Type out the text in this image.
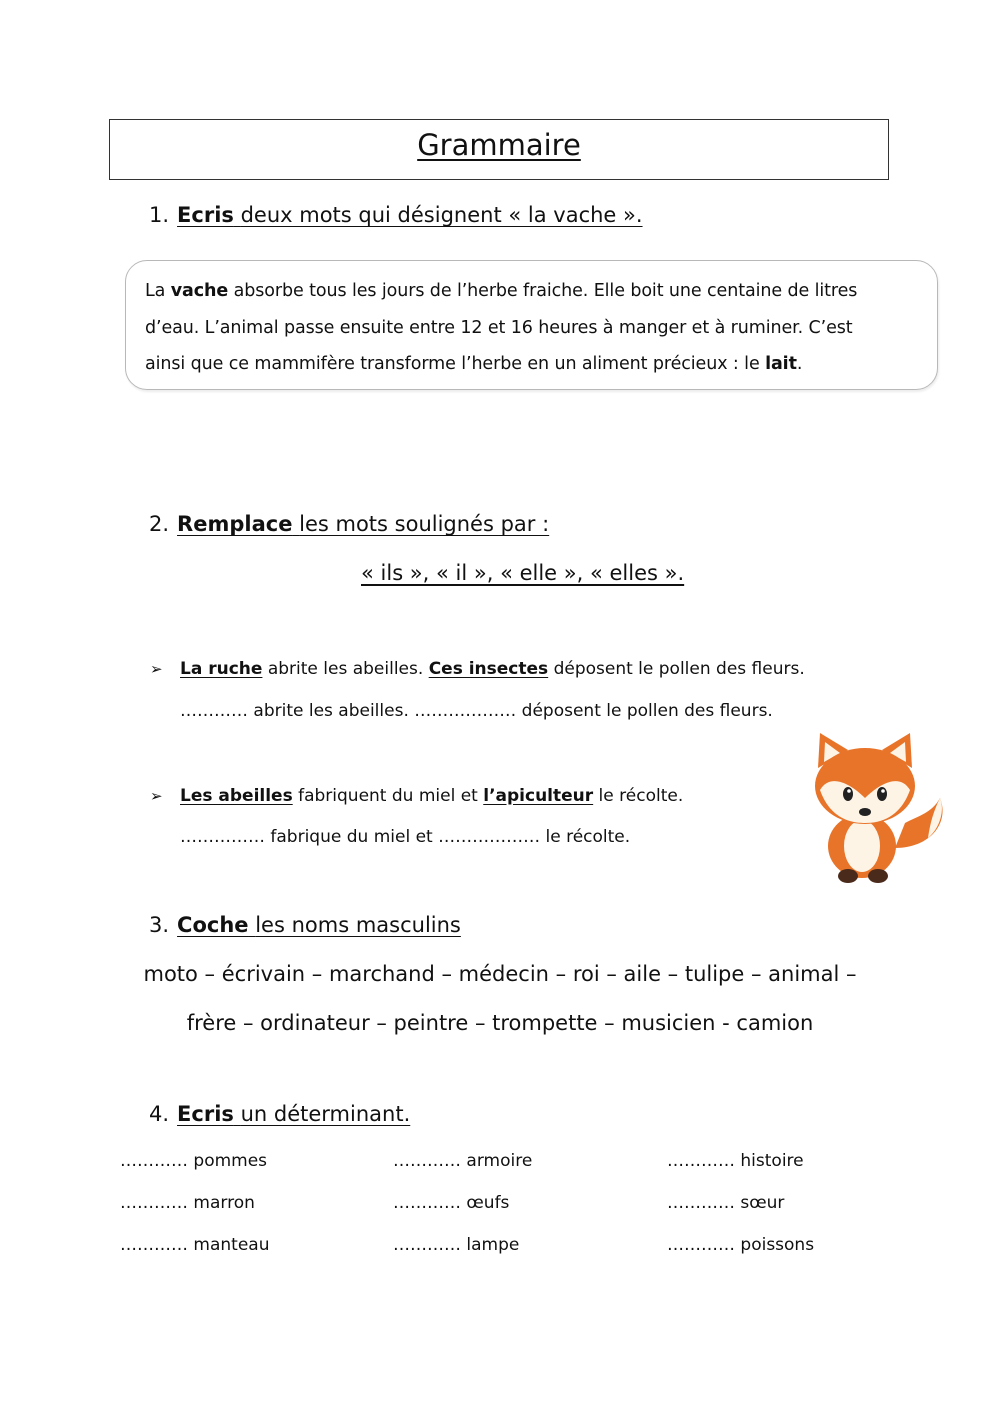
Grammaire
1. Ecris deux mots qui désignent « la vache ».
La vache absorbe tous les jours de l’herbe fraiche. Elle boit une centaine de litres
d’eau. L’animal passe ensuite entre 12 et 16 heures à manger et à ruminer. C’est
ainsi que ce mammifère transforme l’herbe en un aliment précieux : le lait.
2. Remplace les mots soulignés par :
« ils », « il », « elle », « elles ».
➢ La ruche abrite les abeilles. Ces insectes déposent le pollen des fleurs.
………… abrite les abeilles. ……………… déposent le pollen des fleurs.
➢ Les abeilles fabriquent du miel et l’apiculteur le récolte.
…………… fabrique du miel et ……………… le récolte.
3. Coche les noms masculins
moto – écrivain – marchand – médecin – roi – aile – tulipe – animal –
frère – ordinateur – peintre – trompette – musicien - camion
4. Ecris un déterminant.
………… pommes	………… armoire	………… histoire
………… marron	………… œufs	………… sœur
………… manteau	………… lampe	………… poissons
